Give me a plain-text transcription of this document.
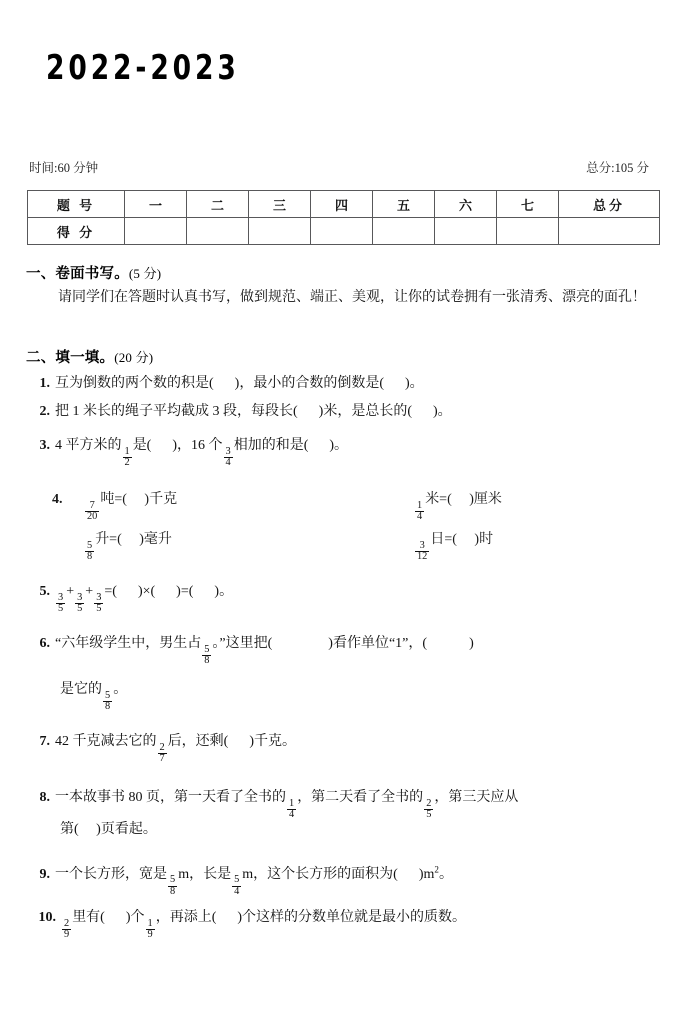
2022-2023
时间:60 分钟	总分:105 分
题 号	一	二	三	四	五	六	七	总分
得 分								
一、卷面书写。(5 分)
请同学们在答题时认真书写，做到规范、端正、美观，让你的试卷拥有一张清秀、漂亮的面孔！
二、填一填。(20 分)
1. 互为倒数的两个数的积是( )，最小的合数的倒数是( )。
2. 把 1 米长的绳子平均截成 3 段，每段长( )米，是总长的( )。
3. 4 平方米的
$\frac{1}{2}$
是( )，16 个
$\frac{3}{4}$
相加的和是( )。
4.
$\frac{7}{20}$
吨=( )千克
$\frac{1}{4}$
米=( )厘米
$\frac{5}{8}$
升=( )毫升
$\frac{3}{12}$
日=( )时
5.
$\frac{3}{5}$
+
$\frac{3}{5}$
+
$\frac{3}{5}$
=( )×( )=( )。
6. “六年级学生中，男生占
$\frac{5}{8}$
。”这里把(	)看作单位“1”，(	)
是它的
$\frac{5}{8}$
。
7. 42 千克减去它的
$\frac{2}{7}$
后，还剩( )千克。
8. 一本故事书 80 页，第一天看了全书的
$\frac{1}{4}$
，第二天看了全书的
$\frac{2}{5}$
，第三天应从
第( )页看起。
9. 一个长方形，宽是
$\frac{5}{8}$
m，长是
$\frac{5}{4}$
m，这个长方形的面积为( )$m^2$。
10.
$\frac{2}{9}$
里有( )个
$\frac{1}{9}$
，再添上( )个这样的分数单位就是最小的质数。
